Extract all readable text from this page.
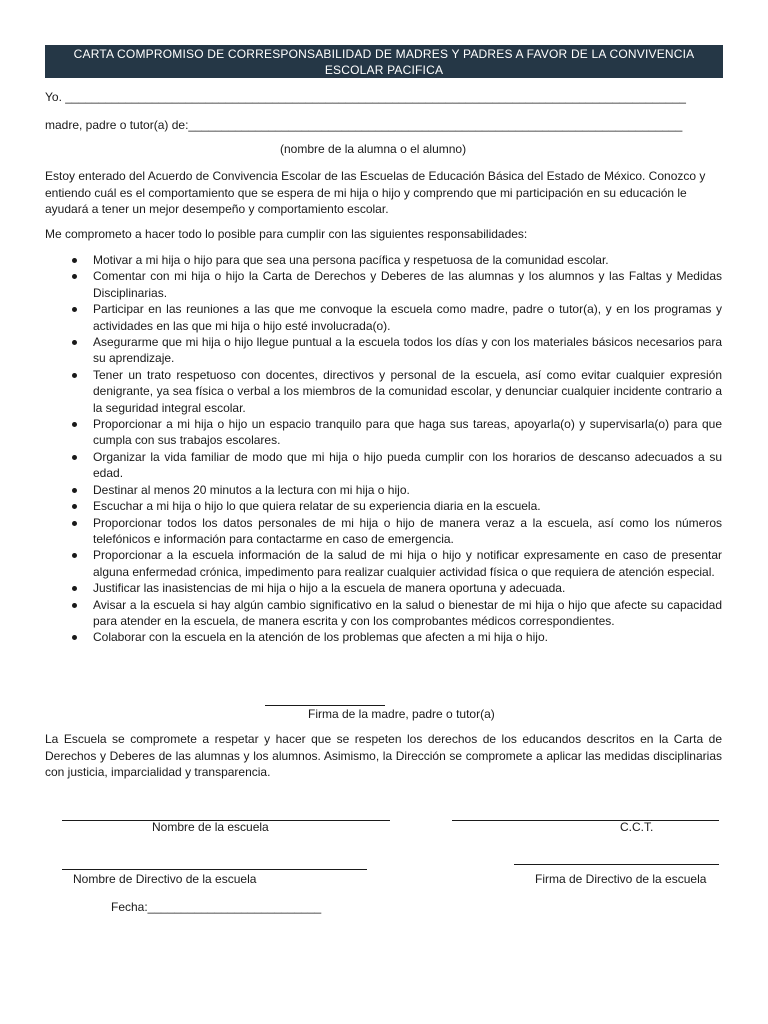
CARTA COMPROMISO DE CORRESPONSABILIDAD DE MADRES Y PADRES A FAVOR DE LA CONVIVENCIA ESCOLAR PACIFICA
Yo. _____________________________________________________________________________________________
madre, padre o tutor(a) de:__________________________________________________________________________
(nombre de la alumna o el alumno)
Estoy enterado del Acuerdo de Convivencia Escolar de las Escuelas de Educación Básica del Estado de México. Conozco y entiendo cuál es el comportamiento que se espera de mi hija o hijo y comprendo que mi participación en su educación le ayudará a tener un mejor desempeño y comportamiento escolar.
Me comprometo a hacer todo lo posible para cumplir con las siguientes responsabilidades:
Motivar a mi hija o hijo para que sea una persona pacífica y respetuosa de la comunidad escolar.
Comentar con mi hija o hijo la Carta de Derechos y Deberes de las alumnas y los alumnos y las Faltas y Medidas Disciplinarias.
Participar en las reuniones a las que me convoque la escuela como madre, padre o tutor(a), y en los programas y actividades en las que mi hija o hijo esté involucrada(o).
Asegurarme que mi hija o hijo llegue puntual a la escuela todos los días y con los materiales básicos necesarios para su aprendizaje.
Tener un trato respetuoso con docentes, directivos y personal de la escuela, así como evitar cualquier expresión denigrante, ya sea física o verbal a los miembros de la comunidad escolar, y denunciar cualquier incidente contrario a la seguridad integral escolar.
Proporcionar a mi hija o hijo un espacio tranquilo para que haga sus tareas, apoyarla(o) y supervisarla(o) para que cumpla con sus trabajos escolares.
Organizar la vida familiar de modo que mi hija o hijo pueda cumplir con los horarios de descanso adecuados a su edad.
Destinar al menos 20 minutos a la lectura con mi hija o hijo.
Escuchar a mi hija o hijo lo que quiera relatar de su experiencia diaria en la escuela.
Proporcionar todos los datos personales de mi hija o hijo de manera veraz a la escuela, así como los números telefónicos e información para contactarme en caso de emergencia.
Proporcionar a la escuela información de la salud de mi hija o hijo y notificar expresamente en caso de presentar alguna enfermedad crónica, impedimento para realizar cualquier actividad física o que requiera de atención especial.
Justificar las inasistencias de mi hija o hijo a la escuela de manera oportuna y adecuada.
Avisar a la escuela si hay algún cambio significativo en la salud o bienestar de mi hija o hijo que afecte su capacidad para atender en la escuela, de manera escrita y con los comprobantes médicos correspondientes.
Colaborar con la escuela en la atención de los problemas que afecten a mi hija o hijo.
Firma de la madre, padre o tutor(a)
La Escuela se compromete a respetar y hacer que se respeten los derechos de los educandos descritos en la Carta de Derechos y Deberes de las alumnas y los alumnos. Asimismo, la Dirección se compromete a aplicar las medidas disciplinarias con justicia, imparcialidad y transparencia.
Nombre de la escuela	C.C.T.
Nombre de Directivo de la escuela	Firma de Directivo de la escuela
Fecha:__________________________
